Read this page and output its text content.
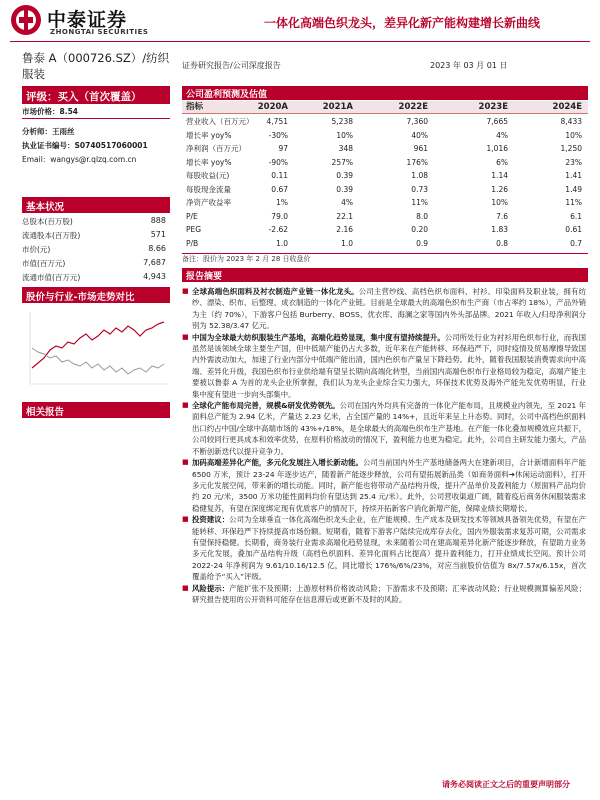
中泰证券
ZHONGTAI SECURITIES
一体化高端色织龙头，差异化新产能构建增长新曲线
鲁泰 A（000726.SZ）/纺织
服装
评级：买入（首次覆盖）
市场价格：8.54
分析师：王雨丝
执业证书编号：S0740517060001
Email：wangys@r.qlzq.com.cn
基本状况
总股本(百万股)	888
流通股本(百万股)	571
市价(元)	8.66
市值(百万元)	7,687
流通市值(百万元)	4,943
股价与行业-市场走势对比
相关报告
证券研究报告/公司深度报告	2023 年 03 月 01 日
公司盈利预测及估值
指标	2020A	2021A	2022E	2023E	2024E
营业收入（百万元） 4,751	5,238	7,360	7,665	8,433
增长率 yoy%	-30%	10%	40%	4%	10%
净利润（百万元）	97	348	961	1,016	1,250
增长率 yoy%	-90%	257%	176%	6%	23%
每股收益(元)	0.11	0.39	1.08	1.14	1.41
每股现金流量	0.67	0.39	0.73	1.26	1.49
净资产收益率	1%	4%	11%	10%	11%
P/E	79.0	22.1	8.0	7.6	6.1
PEG	-2.62	2.16	0.20	1.83	0.61
P/B	1.0	1.0	0.9	0.8	0.7
备注：股价为 2023 年 2 月 28 日收盘价
报告摘要
■ 全球高端色织面料及衬衣制造产业链一体化龙头。公司主营纱线、高档色织布面料、衬衫、印染面料及职业装，拥有纺纱、漂染、织布、后整理、成衣制造的一体化产业链。目前是全球最大的高端色织布生产商（市占率约 18%），产品外销为主（约 70%），下游客户包括 Burberry、BOSS、优衣库、海澜之家等国内外头部品牌。2021 年收入/归母净利润分别为 52.38/3.47 亿元。
■ 中国为全球最大纺织服装生产基地，高端化趋势显现，集中度有望持续提升。公司所处行业为衬衫用色织布行业，而我国虽然是该领域全球主要生产国，但中低端产能仍占大多数，近年来在产能转移、环保趋严下，同时疫情及贸易摩擦导致国内外需波动加大，加速了行业内部分中低端产能出清，国内色织布产量呈下降趋势。此外，随着我国服装消费需求向中高端、差异化升级，我国色织布行业供给端有望呈长期向高端化转型，当前国内高端色织布行业格局较为稳定，高端产能主要被以鲁泰 A 为首的龙头企业所掌握，我们认为龙头企业综合实力强大，环保技术优势及海外产能先发优势明显，行业集中度有望进一步向头部集中。
■ 全球化产能布局完善，规模&研发优势领先。公司在国内外均具有完备的一体化产能布局，且规模业内领先，至 2021 年面料总产能为 2.94 亿米，产量达 2.23 亿米，占全国产量的 14%+，且近年来呈上升态势。同时，公司中高档色织面料出口约占中国/全球中高端市场的 43%+/18%，是全球最大的高端色织布生产基地。在产能一体化叠加规模效应共振下，公司较同行更具成本和效率优势，在原料价格波动的情况下，盈利能力也更为稳定。此外，公司自主研发能力强大，产品不断创新迭代以提升竞争力。
■ 加码高端差异化产能，多元化发展注入增长新动能。公司当前国内外生产基地储备两大在建新项目，合计新增面料年产能 6500 万米，预计 23-24 年逐步达产，随着新产能逐步释放，公司有望拓展新品类（如商务面料➔休闲运动面料），打开多元化发展空间，带来新的增长动能。同时，新产能也将带动产品结构升级，提升产品单价及盈利能力（原面料产品均价约 20 元/米，3500 万米功能性面料均价有望达到 25.4 元/米）。此外，公司营收渠道广阔，随着疫后商务休闲服装需求稳健复苏，有望在深度绑定现有优质客户的情况下，持续开拓新客户消化新增产能，保障业绩长期增长。
■ 投资建议：公司为全球垂直一体化高端色织龙头企业，在产能规模、生产成本及研发技术等领域具备领先优势，有望在产能转移、环保趋严下持续提高市场份额。短期看，随着下游客户陆续完成库存去化，国内外服装需求复苏可期，公司需求有望保持稳健。长期看，商务装行业需求高端化趋势显现，未来随着公司在建高端差异化新产能逐步释放，有望助力业务多元化发展，叠加产品结构升级（高档色织面料、差异化面料占比提高）提升盈利能力，打开业绩成长空间。预计公司 2022-24 年净利润为 9.61/10.16/12.5 亿，同比增长 176%/6%/23%，对应当前股价估值为 8x/7.57x/6.15x，首次覆盖给予“买入”评级。
■ 风险提示：产能扩张不及预期；上游原材料价格波动风险；下游需求不及预期；汇率波动风险；行业规模测算偏差风险；研究报告使用的公开资料可能存在信息滞后或更新不及时的风险。
请务必阅读正文之后的重要声明部分
